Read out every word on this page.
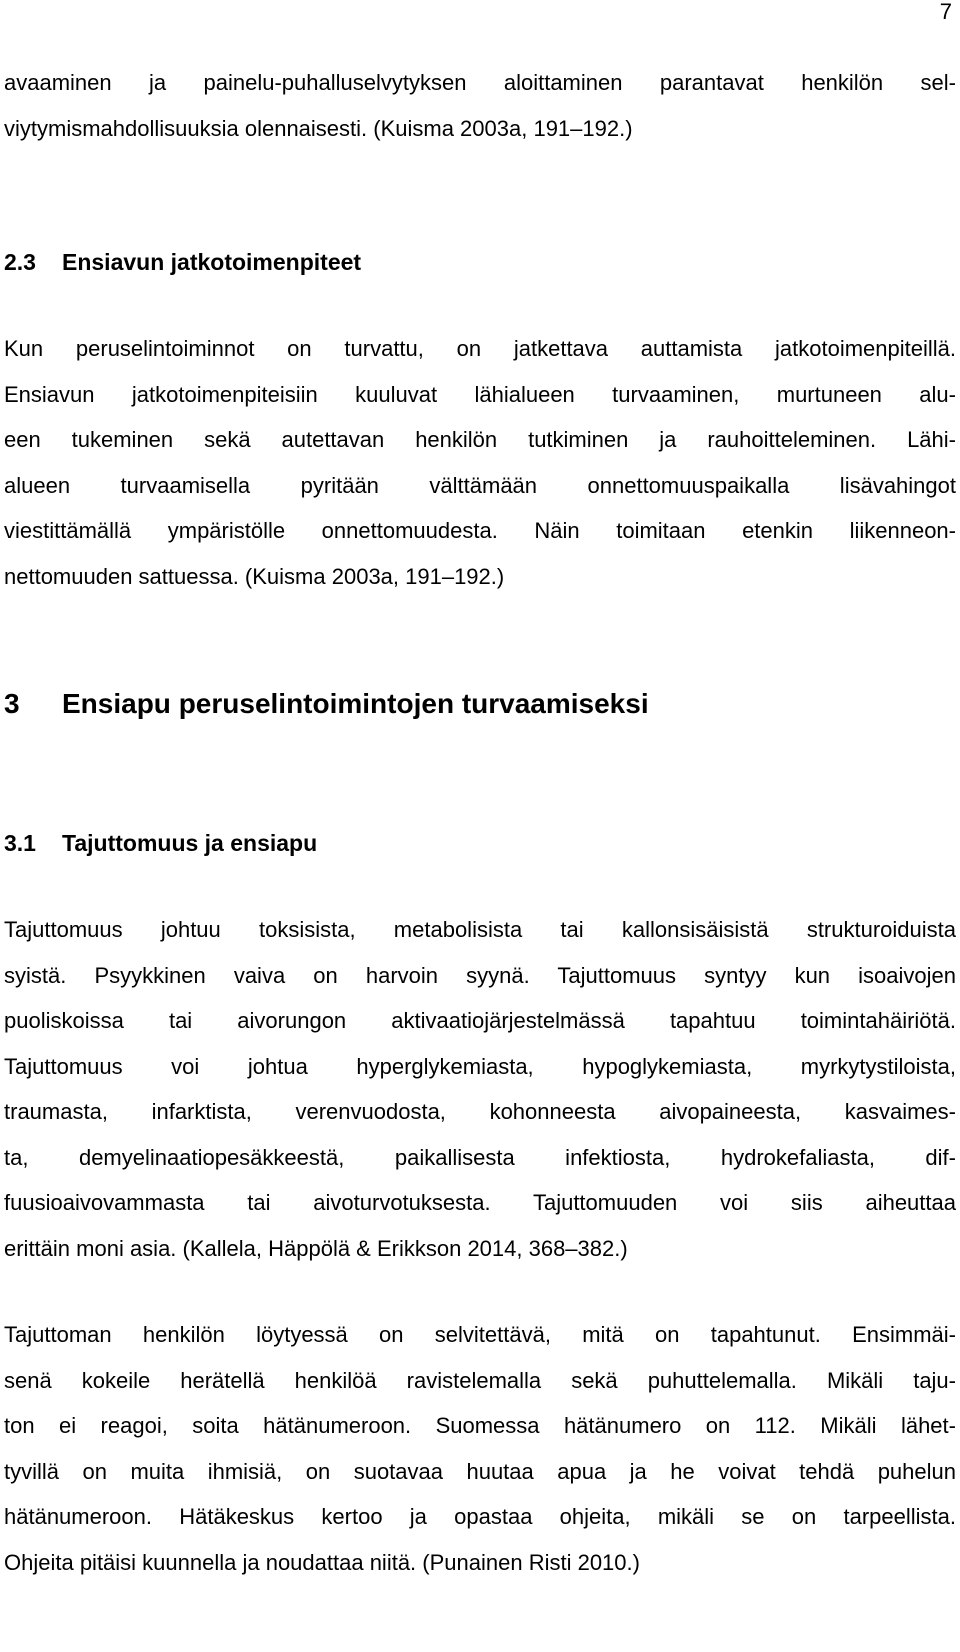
7
avaaminen ja painelu-puhalluselvytyksen aloittaminen parantavat henkilön sel-
viytymismahdollisuuksia olennaisesti. (Kuisma 2003a, 191–192.)
2.3 Ensiavun jatkotoimenpiteet
Kun peruselintoiminnot on turvattu, on jatkettava auttamista jatkotoimenpiteillä.
Ensiavun jatkotoimenpiteisiin kuuluvat lähialueen turvaaminen, murtuneen alu-
een tukeminen sekä autettavan henkilön tutkiminen ja rauhoitteleminen. Lähi-
alueen turvaamisella pyritään välttämään onnettomuuspaikalla lisävahingot
viestittämällä ympäristölle onnettomuudesta. Näin toimitaan etenkin liikenneon-
nettomuuden sattuessa. (Kuisma 2003a, 191–192.)
3 Ensiapu peruselintoimintojen turvaamiseksi
3.1 Tajuttomuus ja ensiapu
Tajuttomuus johtuu toksisista, metabolisista tai kallonsisäisistä strukturoiduista
syistä. Psyykkinen vaiva on harvoin syynä. Tajuttomuus syntyy kun isoaivojen
puoliskoissa tai aivorungon aktivaatiojärjestelmässä tapahtuu toimintahäiriötä.
Tajuttomuus voi johtua hyperglykemiasta, hypoglykemiasta, myrkytystiloista,
traumasta, infarktista, verenvuodosta, kohonneesta aivopaineesta, kasvaimes-
ta, demyelinaatiopesäkkeestä, paikallisesta infektiosta, hydrokefaliasta, dif-
fuusioaivovammasta tai aivoturvotuksesta. Tajuttomuuden voi siis aiheuttaa
erittäin moni asia. (Kallela, Häppölä & Erikkson 2014, 368–382.)
Tajuttoman henkilön löytyessä on selvitettävä, mitä on tapahtunut. Ensimmäi-
senä kokeile herätellä henkilöä ravistelemalla sekä puhuttelemalla. Mikäli taju-
ton ei reagoi, soita hätänumeroon. Suomessa hätänumero on 112. Mikäli lähet-
tyvillä on muita ihmisiä, on suotavaa huutaa apua ja he voivat tehdä puhelun
hätänumeroon. Hätäkeskus kertoo ja opastaa ohjeita, mikäli se on tarpeellista.
Ohjeita pitäisi kuunnella ja noudattaa niitä. (Punainen Risti 2010.)
